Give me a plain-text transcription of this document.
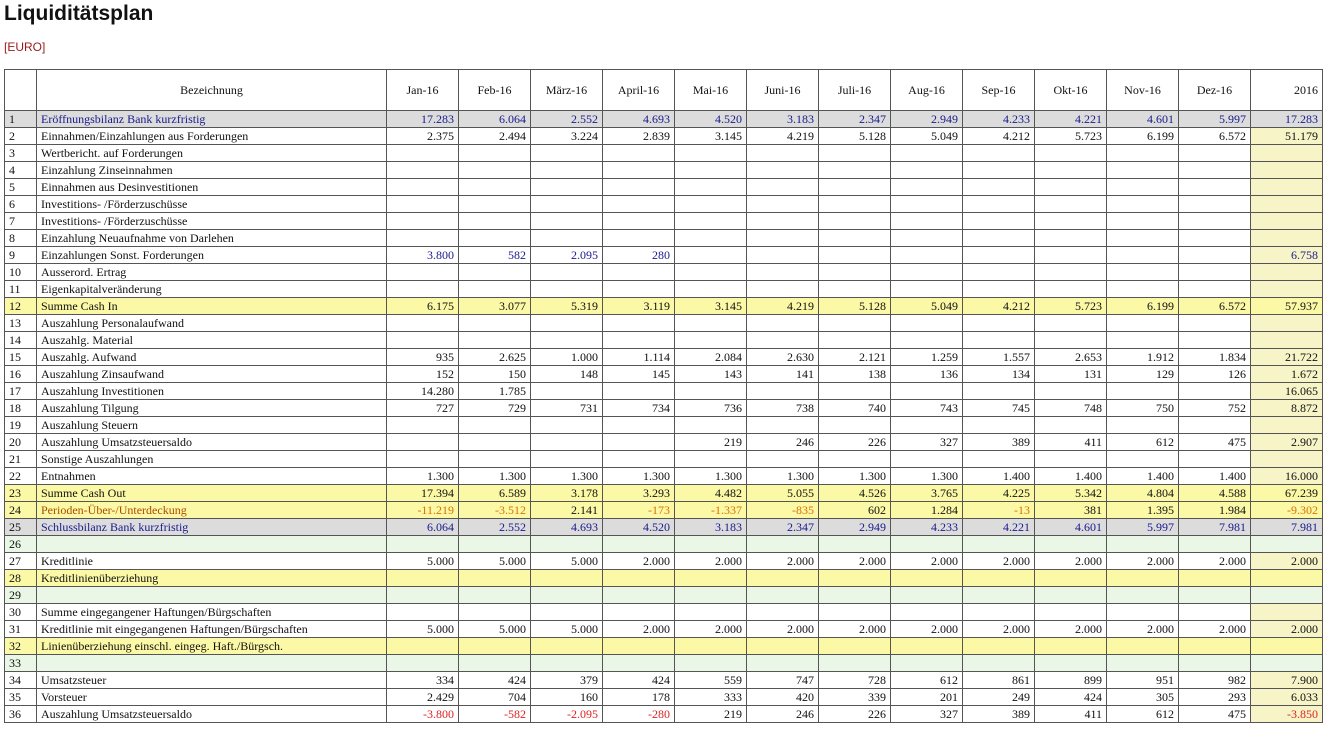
Liquiditätsplan
[EURO]
	Bezeichnung	Jan-16	Feb-16	März-16	April-16	Mai-16	Juni-16	Juli-16	Aug-16	Sep-16	Okt-16	Nov-16	Dez-16	2016
1	Eröffnungsbilanz Bank kurzfristig	17.283	6.064	2.552	4.693	4.520	3.183	2.347	2.949	4.233	4.221	4.601	5.997	17.283
2	Einnahmen/Einzahlungen aus Forderungen	2.375	2.494	3.224	2.839	3.145	4.219	5.128	5.049	4.212	5.723	6.199	6.572	51.179
3	Wertbericht. auf Forderungen													
4	Einzahlung Zinseinnahmen													
5	Einnahmen aus Desinvestitionen													
6	Investitions- /Förderzuschüsse													
7	Investitions- /Förderzuschüsse													
8	Einzahlung Neuaufnahme von Darlehen													
9	Einzahlungen Sonst. Forderungen	3.800	582	2.095	280									6.758
10	Ausserord. Ertrag													
11	Eigenkapitalveränderung													
12	Summe Cash In	6.175	3.077	5.319	3.119	3.145	4.219	5.128	5.049	4.212	5.723	6.199	6.572	57.937
13	Auszahlung Personalaufwand													
14	Auszahlg. Material													
15	Auszahlg. Aufwand	935	2.625	1.000	1.114	2.084	2.630	2.121	1.259	1.557	2.653	1.912	1.834	21.722
16	Auszahlung Zinsaufwand	152	150	148	145	143	141	138	136	134	131	129	126	1.672
17	Auszahlung Investitionen	14.280	1.785											16.065
18	Auszahlung Tilgung	727	729	731	734	736	738	740	743	745	748	750	752	8.872
19	Auszahlung Steuern													
20	Auszahlung Umsatzsteuersaldo					219	246	226	327	389	411	612	475	2.907
21	Sonstige Auszahlungen													
22	Entnahmen	1.300	1.300	1.300	1.300	1.300	1.300	1.300	1.300	1.400	1.400	1.400	1.400	16.000
23	Summe Cash Out	17.394	6.589	3.178	3.293	4.482	5.055	4.526	3.765	4.225	5.342	4.804	4.588	67.239
24	Perioden-Über-/Unterdeckung	-11.219	-3.512	2.141	-173	-1.337	-835	602	1.284	-13	381	1.395	1.984	-9.302
25	Schlussbilanz Bank kurzfristig	6.064	2.552	4.693	4.520	3.183	2.347	2.949	4.233	4.221	4.601	5.997	7.981	7.981
26														
27	Kreditlinie	5.000	5.000	5.000	2.000	2.000	2.000	2.000	2.000	2.000	2.000	2.000	2.000	2.000
28	Kreditlinienüberziehung													
29														
30	Summe eingegangener Haftungen/Bürgschaften													
31	Kreditlinie mit eingegangenen Haftungen/Bürgschaften	5.000	5.000	5.000	2.000	2.000	2.000	2.000	2.000	2.000	2.000	2.000	2.000	2.000
32	Linienüberziehung einschl. eingeg. Haft./Bürgsch.													
33														
34	Umsatzsteuer	334	424	379	424	559	747	728	612	861	899	951	982	7.900
35	Vorsteuer	2.429	704	160	178	333	420	339	201	249	424	305	293	6.033
36	Auszahlung Umsatzsteuersaldo	-3.800	-582	-2.095	-280	219	246	226	327	389	411	612	475	-3.850
